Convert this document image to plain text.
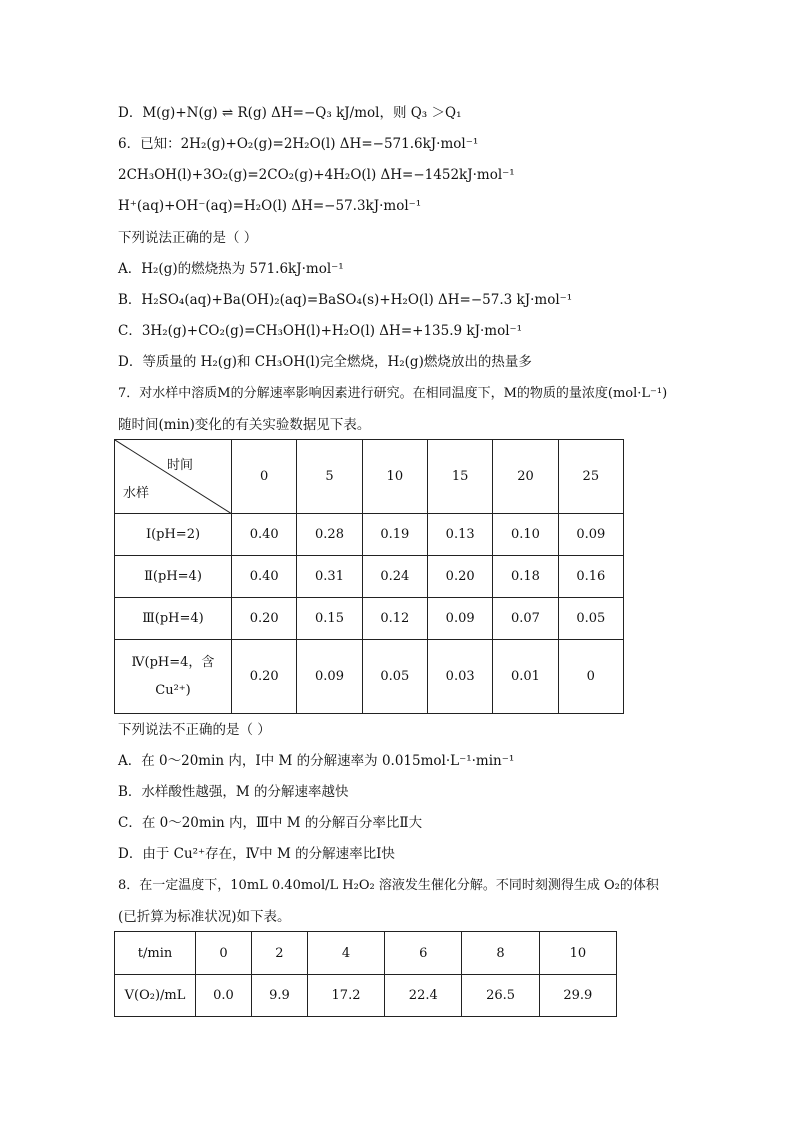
D．M(g)+N(g) ⇌ R(g) ΔH=−Q₃ kJ/mol，则 Q₃ ＞Q₁
6．已知：2H₂(g)+O₂(g)=2H₂O(l) ΔH=−571.6kJ·mol⁻¹
2CH₃OH(l)+3O₂(g)=2CO₂(g)+4H₂O(l) ΔH=−1452kJ·mol⁻¹
H⁺(aq)+OH⁻(aq)=H₂O(l) ΔH=−57.3kJ·mol⁻¹
下列说法正确的是（ ）
A．H₂(g)的燃烧热为 571.6kJ·mol⁻¹
B．H₂SO₄(aq)+Ba(OH)₂(aq)=BaSO₄(s)+H₂O(l) ΔH=−57.3 kJ·mol⁻¹
C．3H₂(g)+CO₂(g)=CH₃OH(l)+H₂O(l) ΔH=+135.9 kJ·mol⁻¹
D．等质量的 H₂(g)和 CH₃OH(l)完全燃烧，H₂(g)燃烧放出的热量多
7．对水样中溶质M的分解速率影响因素进行研究。在相同温度下，M的物质的量浓度(mol·L⁻¹)
随时间(min)变化的有关实验数据见下表。
时间
水样	0	5	10	15	20	25
Ⅰ(pH=2)	0.40	0.28	0.19	0.13	0.10	0.09
Ⅱ(pH=4)	0.40	0.31	0.24	0.20	0.18	0.16
Ⅲ(pH=4)	0.20	0.15	0.12	0.09	0.07	0.05

Ⅳ(pH=4，含
Cu²⁺)	0.20	0.09	0.05	0.03	0.01	0
下列说法不正确的是（ ）
A．在 0～20min 内，Ⅰ中 M 的分解速率为 0.015mol·L⁻¹·min⁻¹
B．水样酸性越强，M 的分解速率越快
C．在 0～20min 内，Ⅲ中 M 的分解百分率比Ⅱ大
D．由于 Cu²⁺存在，Ⅳ中 M 的分解速率比Ⅰ快
8．在一定温度下，10mL 0.40mol/L H₂O₂ 溶液发生催化分解。不同时刻测得生成 O₂的体积
(已折算为标准状况)如下表。
t/min	0	2	4	6	8	10
V(O₂)/mL	0.0	9.9	17.2	22.4	26.5	29.9
